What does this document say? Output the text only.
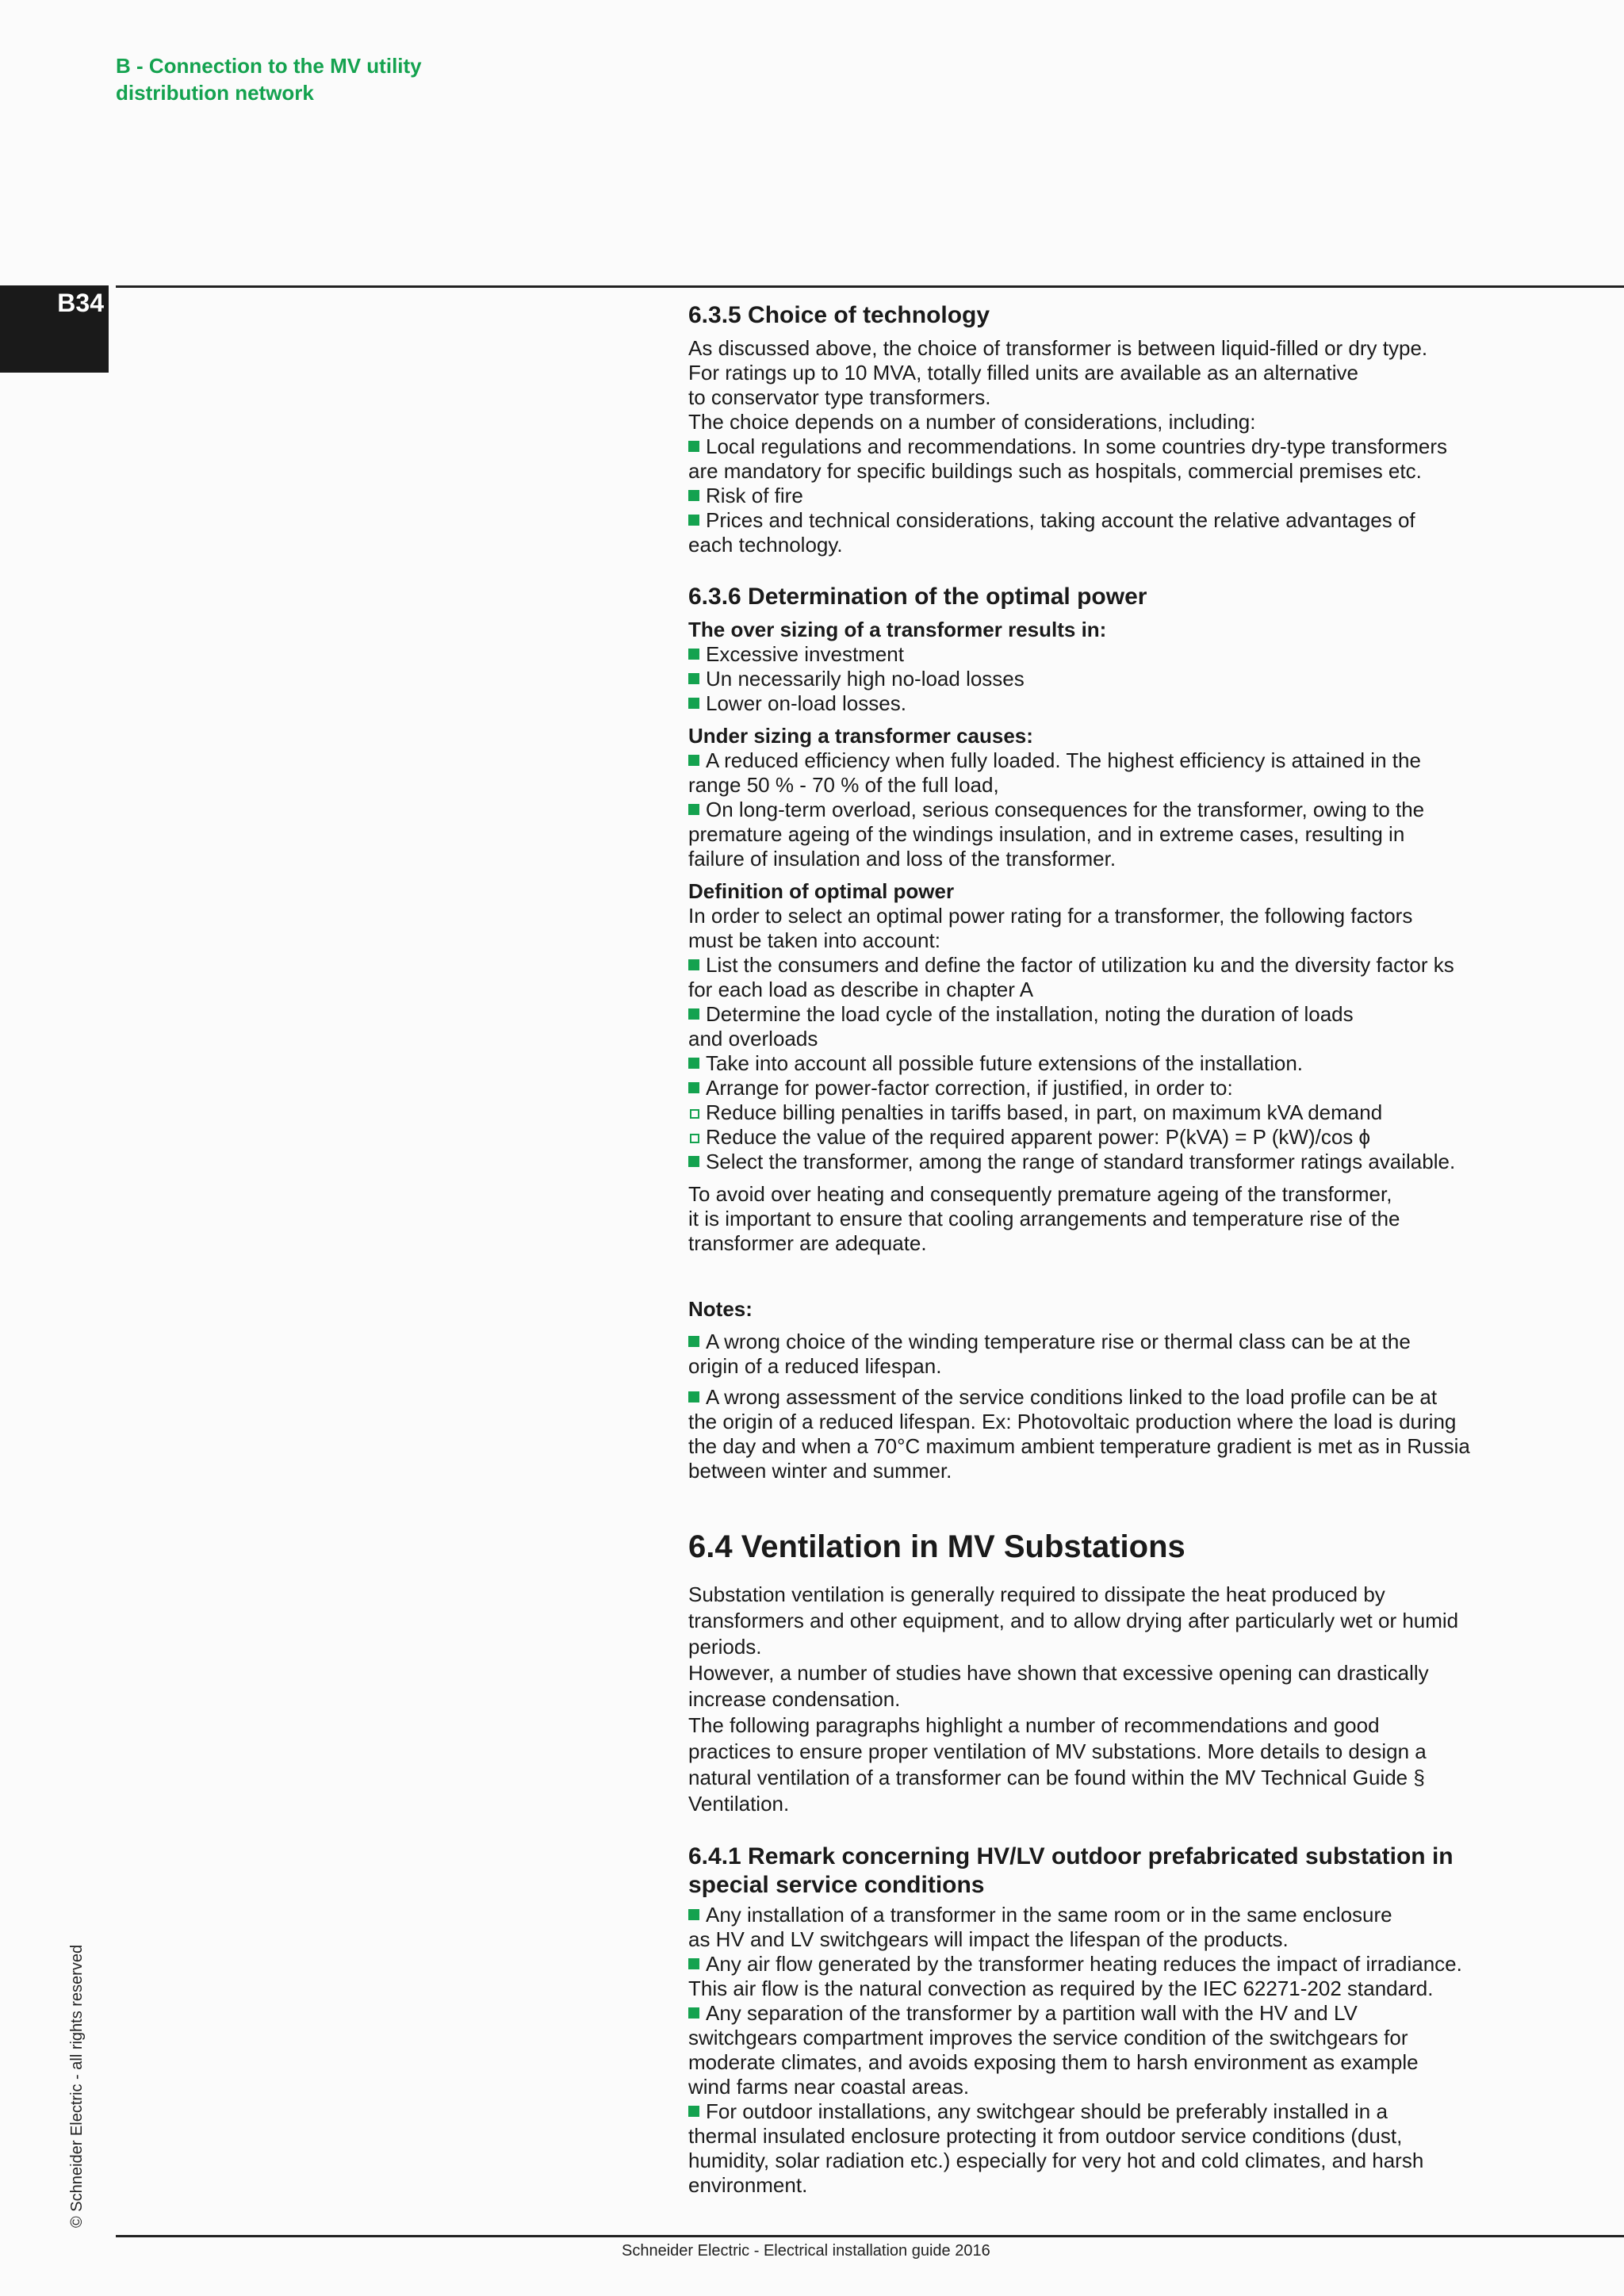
B - Connection to the MV utility
distribution network
B34
© Schneider Electric - all rights reserved
6.3.5 Choice of technology

As discussed above, the choice of transformer is between liquid-filled or dry type.
For ratings up to 10 MVA, totally filled units are available as an alternative
to conservator type transformers.
The choice depends on a number of considerations, including:

Local regulations and recommendations. In some countries dry-type transformers
are mandatory for specific buildings such as hospitals, commercial premises etc.

Risk of fire

Prices and technical considerations, taking account the relative advantages of
each technology.

6.3.6 Determination of the optimal power

The over sizing of a transformer results in:

Excessive investment

Un necessarily high no-load losses

Lower on-load losses.

Under sizing a transformer causes:

A reduced efficiency when fully loaded. The highest efficiency is attained in the
range 50 % - 70 % of the full load,

On long-term overload, serious consequences for the transformer, owing to the
premature ageing of the windings insulation, and in extreme cases, resulting in
failure of insulation and loss of the transformer.

Definition of optimal power

In order to select an optimal power rating for a transformer, the following factors
must be taken into account:

List the consumers and define the factor of utilization ku and the diversity factor ks
for each load as describe in chapter A

Determine the load cycle of the installation, noting the duration of loads
and overloads

Take into account all possible future extensions of the installation.

Arrange for power-factor correction, if justified, in order to:

Reduce billing penalties in tariffs based, in part, on maximum kVA demand

Reduce the value of the required apparent power: P(kVA) = P (kW)/cos ϕ

Select the transformer, among the range of standard transformer ratings available.

To avoid over heating and consequently premature ageing of the transformer,
it is important to ensure that cooling arrangements and temperature rise of the
transformer are adequate.

Notes:

A wrong choice of the winding temperature rise or thermal class can be at the
origin of a reduced lifespan.

A wrong assessment of the service conditions linked to the load profile can be at
the origin of a reduced lifespan. Ex: Photovoltaic production where the load is during
the day and when a 70°C maximum ambient temperature gradient is met as in Russia
between winter and summer.

6.4 Ventilation in MV Substations

Substation ventilation is generally required to dissipate the heat produced by
transformers and other equipment, and to allow drying after particularly wet or humid
periods.
However, a number of studies have shown that excessive opening can drastically
increase condensation.
The following paragraphs highlight a number of recommendations and good
practices to ensure proper ventilation of MV substations. More details to design a
natural ventilation of a transformer can be found within the MV Technical Guide §
Ventilation.

6.4.1 Remark concerning HV/LV outdoor prefabricated substation in
special service conditions

Any installation of a transformer in the same room or in the same enclosure
as HV and LV switchgears will impact the lifespan of the products.

Any air flow generated by the transformer heating reduces the impact of irradiance.
This air flow is the natural convection as required by the IEC 62271-202 standard.

Any separation of the transformer by a partition wall with the HV and LV
switchgears compartment improves the service condition of the switchgears for
moderate climates, and avoids exposing them to harsh environment as example
wind farms near coastal areas.

For outdoor installations, any switchgear should be preferably installed in a
thermal insulated enclosure protecting it from outdoor service conditions (dust,
humidity, solar radiation etc.) especially for very hot and cold climates, and harsh
environment.

Schneider Electric - Electrical installation guide 2016
